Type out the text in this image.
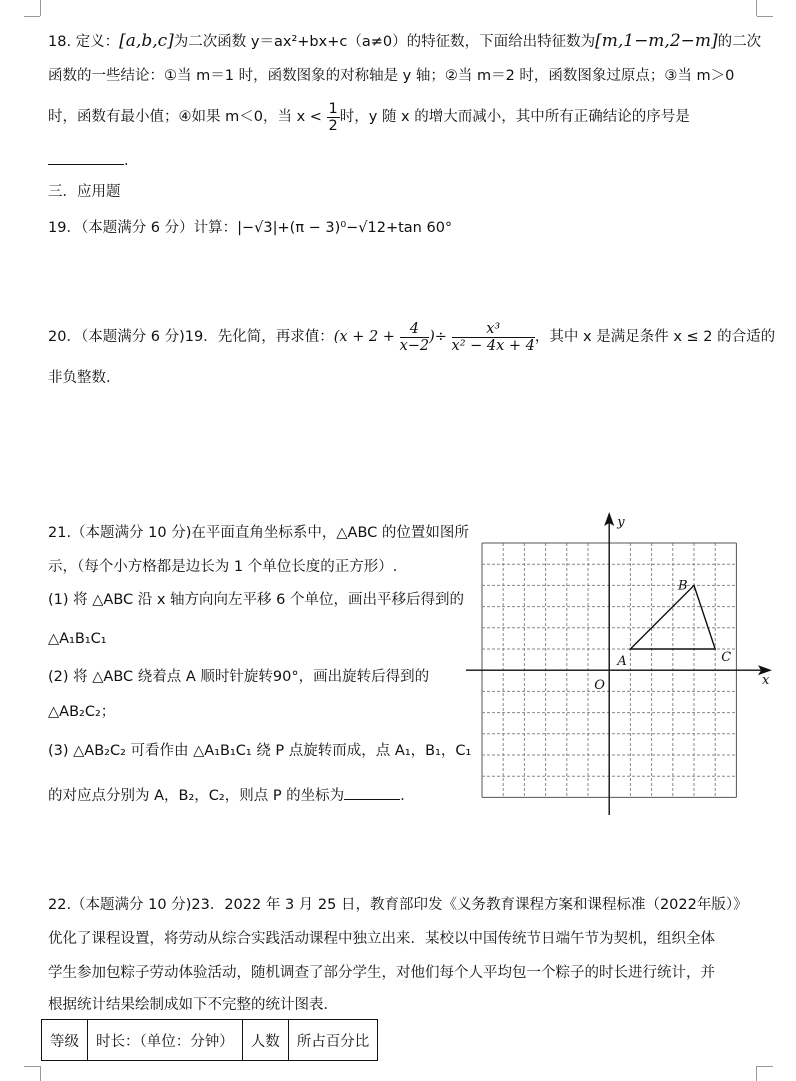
18. 定义：[a,b,c]为二次函数 y＝ax²+bx+c（a≠0）的特征数，下面给出特征数为[m,1−m,2−m]的二次
函数的一些结论：①当 m＝1 时，函数图象的对称轴是 y 轴；②当 m＝2 时，函数图象过原点；③当 m＞0
时，函数有最小值；④如果 m＜0，当 $x < \frac{1}{2}$ 时，y 随 x 的增大而减小，其中所有正确结论的序号是
．
三．应用题
19．（本题满分 6 分）计算：|−√3|+(π − 3)⁰−√12+tan 60°
20．（本题满分 6 分)19．先化简，再求值：($x + 2 + \frac{4}{x-2}$ )÷ $\frac{\text{x³}}{\text{x² − 4x + 4}}$ ，其中 x 是满足条件 x ≤ 2 的合适的
非负整数．
21.（本题满分 10 分)在平面直角坐标系中，△ABC 的位置如图所
示，（每个小方格都是边长为 1 个单位长度的正方形）.
(1) 将 △ABC 沿 x 轴方向向左平移 6 个单位，画出平移后得到的
△A₁B₁C₁
(2) 将 △ABC 绕着点 A 顺时针旋转90°，画出旋转后得到的
△AB₂C₂；
(3) △AB₂C₂ 可看作由 △A₁B₁C₁ 绕 P 点旋转而成，点 A₁，B₁，C₁
的对应点分别为 A，B₂，C₂，则点 P 的坐标为	．
x
y
O
A
B
C
22.（本题满分 10 分)23．2022 年 3 月 25 日，教育部印发《义务教育课程方案和课程标准（2022年版）》
优化了课程设置，将劳动从综合实践活动课程中独立出来．某校以中国传统节日端午节为契机，组织全体
学生参加包粽子劳动体验活动，随机调查了部分学生，对他们每个人平均包一个粽子的时长进行统计，并
根据统计结果绘制成如下不完整的统计图表．
等级	时长：（单位：分钟）	人数	所占百分比
